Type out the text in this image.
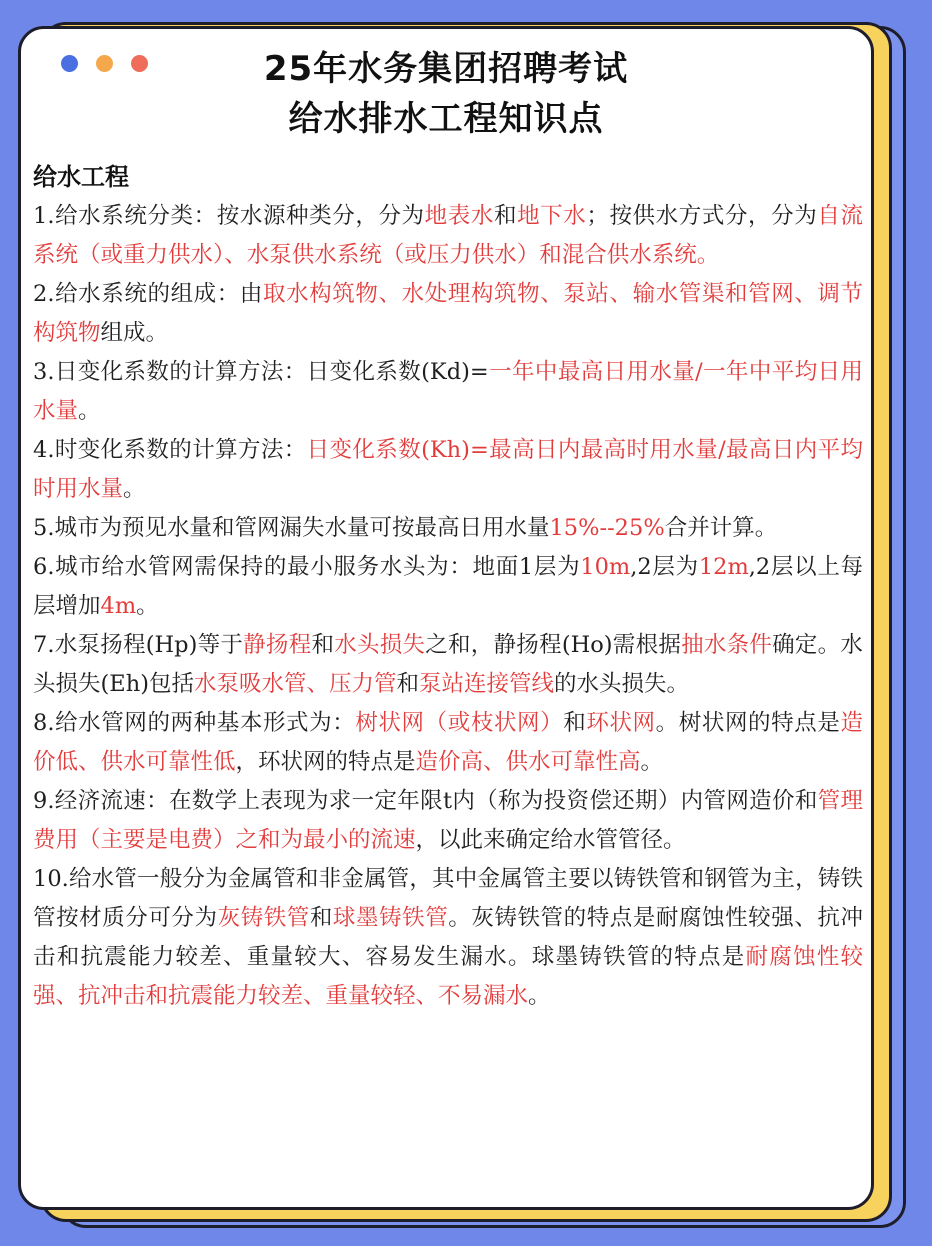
25年水务集团招聘考试
给水排水工程知识点
给水工程

1.给水系统分类：按水源种类分，分为地表水和地下水；按供水方式分，分为自流系统（或重力供水）、水泵供水系统（或压力供水）和混合供水系统。

2.给水系统的组成：由取水构筑物、水处理构筑物、泵站、输水管渠和管网、调节构筑物组成。

3.日变化系数的计算方法：日变化系数(Kd)=一年中最高日用水量/一年中平均日用水量。

4.时变化系数的计算方法：日变化系数(Kh)=最高日内最高时用水量/最高日内平均时用水量。

5.城市为预见水量和管网漏失水量可按最高日用水量15%--25%合并计算。

6.城市给水管网需保持的最小服务水头为：地面1层为10m,2层为12m,2层以上每层增加4m。

7.水泵扬程(Hp)等于静扬程和水头损失之和，静扬程(Ho)需根据抽水条件确定。水头损失(Eh)包括水泵吸水管、压力管和泵站连接管线的水头损失。

8.给水管网的两种基本形式为：树状网（或枝状网）和环状网。树状网的特点是造价低、供水可靠性低，环状网的特点是造价高、供水可靠性高。

9.经济流速：在数学上表现为求一定年限t内（称为投资偿还期）内管网造价和管理费用（主要是电费）之和为最小的流速，以此来确定给水管管径。

10.给水管一般分为金属管和非金属管，其中金属管主要以铸铁管和钢管为主，铸铁管按材质分可分为灰铸铁管和球墨铸铁管。灰铸铁管的特点是耐腐蚀性较强、抗冲击和抗震能力较差、重量较大、容易发生漏水。球墨铸铁管的特点是耐腐蚀性较强、抗冲击和抗震能力较差、重量较轻、不易漏水。
